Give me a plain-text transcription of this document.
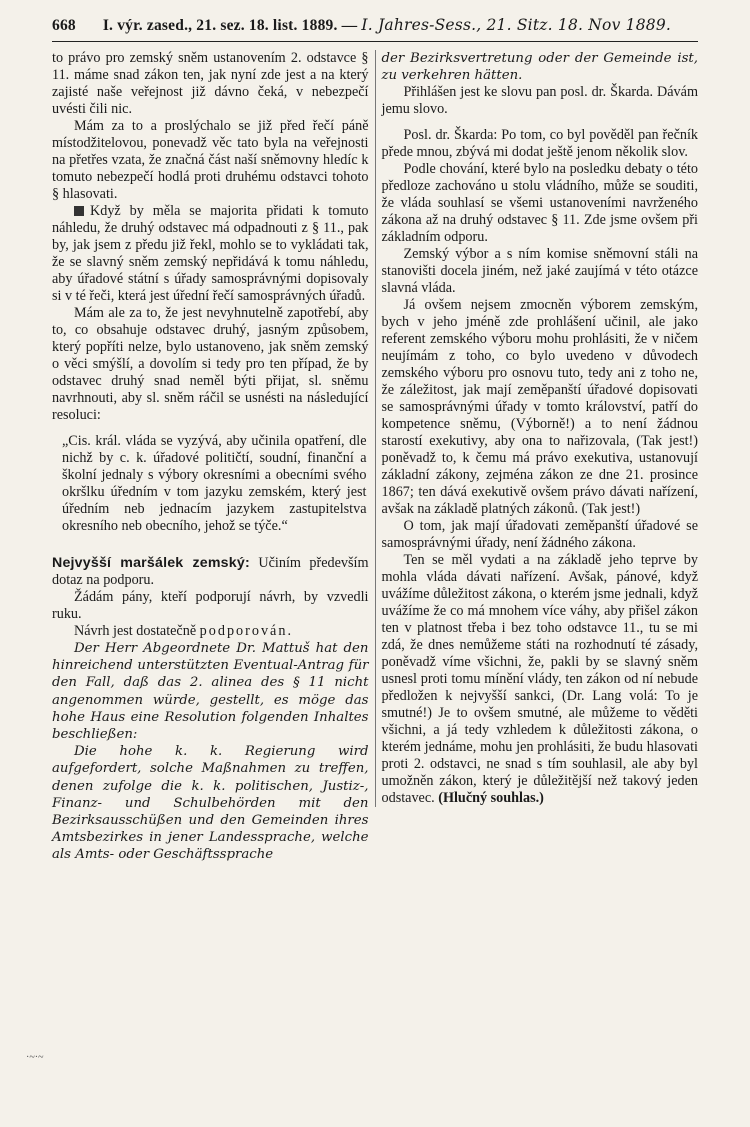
668	I. výr. zased., 21. sez. 18. list. 1889. — I. Jahres-Sess., 21. Sitz. 18. Nov 1889.

to právo pro zemský sněm ustanovením 2. odstavce § 11. máme snad zákon ten, jak nyní zde jest a na který zajisté naše veřejnost již dávno čeká, v nebezpečí uvésti čili nic.

Mám za to a proslýchalo se již před řečí páně místodžitelovou, ponevadž věc tato byla na veřejnosti na přetřes vzata, že značná část naší sněmovny hledíc k tomuto nebezpečí hodlá proti druhému odstavci tohoto § hlasovati.

Když by měla se majorita přidati k tomuto náhledu, že druhý odstavec má odpadnouti z § 11., pak by, jak jsem z předu již řekl, mohlo se to vykládati tak, že se slavný sněm zemský nepřidává k tomu náhledu, aby úřadové státní s úřady samosprávnými dopisovaly si v té řeči, která jest úřední řečí samosprávných úřadů.

Mám ale za to, že jest nevyhnutelně zapotřebí, aby to, co obsahuje odstavec druhý, jasným způsobem, který popříti nelze, bylo ustanoveno, jak sněm zemský o věci smýšlí, a dovolím si tedy pro ten případ, že by odstavec druhý snad neměl býti přijat, sl. sněmu navrhnouti, aby sl. sněm ráčil se usnésti na následující resoluci:

„Cis. král. vláda se vyzývá, aby učinila opatření, dle nichž by c. k. úřadové političtí, soudní, finanční a školní jednaly s výbory okresními a obecními svého okršlku úředním v tom jazyku zemském, který jest úředním neb jednacím jazykem zastupitelstva okresního neb obecního, jehož se týče.“

Nejvyšší maršálek zemský: Učiním především dotaz na podporu.

Žádám pány, kteří podporují návrh, by vzvedli ruku.

Návrh jest dostatečně podporován.

Der Herr Abgeordnete Dr. Mattuš hat den hinreichend unterstützten Eventual-Antrag für den Fall, daß das 2. alinea des § 11 nicht angenommen würde, gestellt, es möge das hohe Haus eine Resolution folgenden Inhaltes beschließen:

Die hohe k. k. Regierung wird aufgefordert, solche Maßnahmen zu treffen, denen zufolge die k. k. politischen, Justiz-, Finanz- und Schulbehörden mit den Bezirksausschüßen und den Gemeinden ihres Amtsbezirkes in jener Landessprache, welche als Amts- oder Geschäftssprache

der Bezirksvertretung oder der Gemeinde ist, zu verkehren hätten.

Přihlášen jest ke slovu pan posl. dr. Škarda. Dávám jemu slovo.

Posl. dr. Škarda: Po tom, co byl pověděl pan řečník přede mnou, zbývá mi dodat ještě jenom několik slov.

Podle chování, které bylo na posledku debaty o této předloze zachováno u stolu vládního, může se souditi, že vláda souhlasí se všemi ustanoveními navrženého zákona až na druhý odstavec § 11. Zde jsme ovšem při základním odporu.

Zemský výbor a s ním komise sněmovní stáli na stanovišti docela jiném, než jaké zaujímá v této otázce slavná vláda.

Já ovšem nejsem zmocněn výborem zemským, bych v jeho jméně zde prohlášení učinil, ale jako referent zemského výboru mohu prohlásiti, že v ničem neujímám z toho, co bylo uvedeno v důvodech zemského výboru pro osnovu tuto, tedy ani z toho ne, že záležitost, jak mají zeměpanští úřadové dopisovati se samosprávnými úřady v tomto království, patří do kompetence sněmu, (Výborně!) a to není žádnou starostí exekutivy, aby ona to nařizovala, (Tak jest!) poněvadž to, k čemu má právo exekutiva, ustanovují základní zákony, zejména zákon ze dne 21. prosince 1867; ten dává exekutivě ovšem právo dávati nařízení, avšak na základě platných zákonů. (Tak jest!)

O tom, jak mají úřadovati zeměpanští úřadové se samosprávnými úřady, není žádného zákona.

Ten se měl vydati a na základě jeho teprve by mohla vláda dávati nařízení. Avšak, pánové, když uvážíme důležitost zákona, o kterém jsme jednali, když uvážíme že co má mnohem více váhy, aby přišel zákon ten v platnost třeba i bez toho odstavce 11., tu se mi zdá, že dnes nemůžeme státi na rozhodnutí té zásady, poněvadž víme všichni, že, pakli by se slavný sněm usnesl proti tomu mínění vlády, ten zákon od ní nebude předložen k nejvyšší sankci, (Dr. Lang volá: To je smutné!) Je to ovšem smutné, ale můžeme to věděti všichni, a já tedy vzhledem k důležitosti zákona, o kterém jednáme, mohu jen prohlásiti, že budu hlasovati proti 2. odstavci, ne snad s tím souhlasil, ale aby byl umožněn zákon, který je důležitější než takový jeden odstavec. (Hlučný souhlas.)

·~·~
